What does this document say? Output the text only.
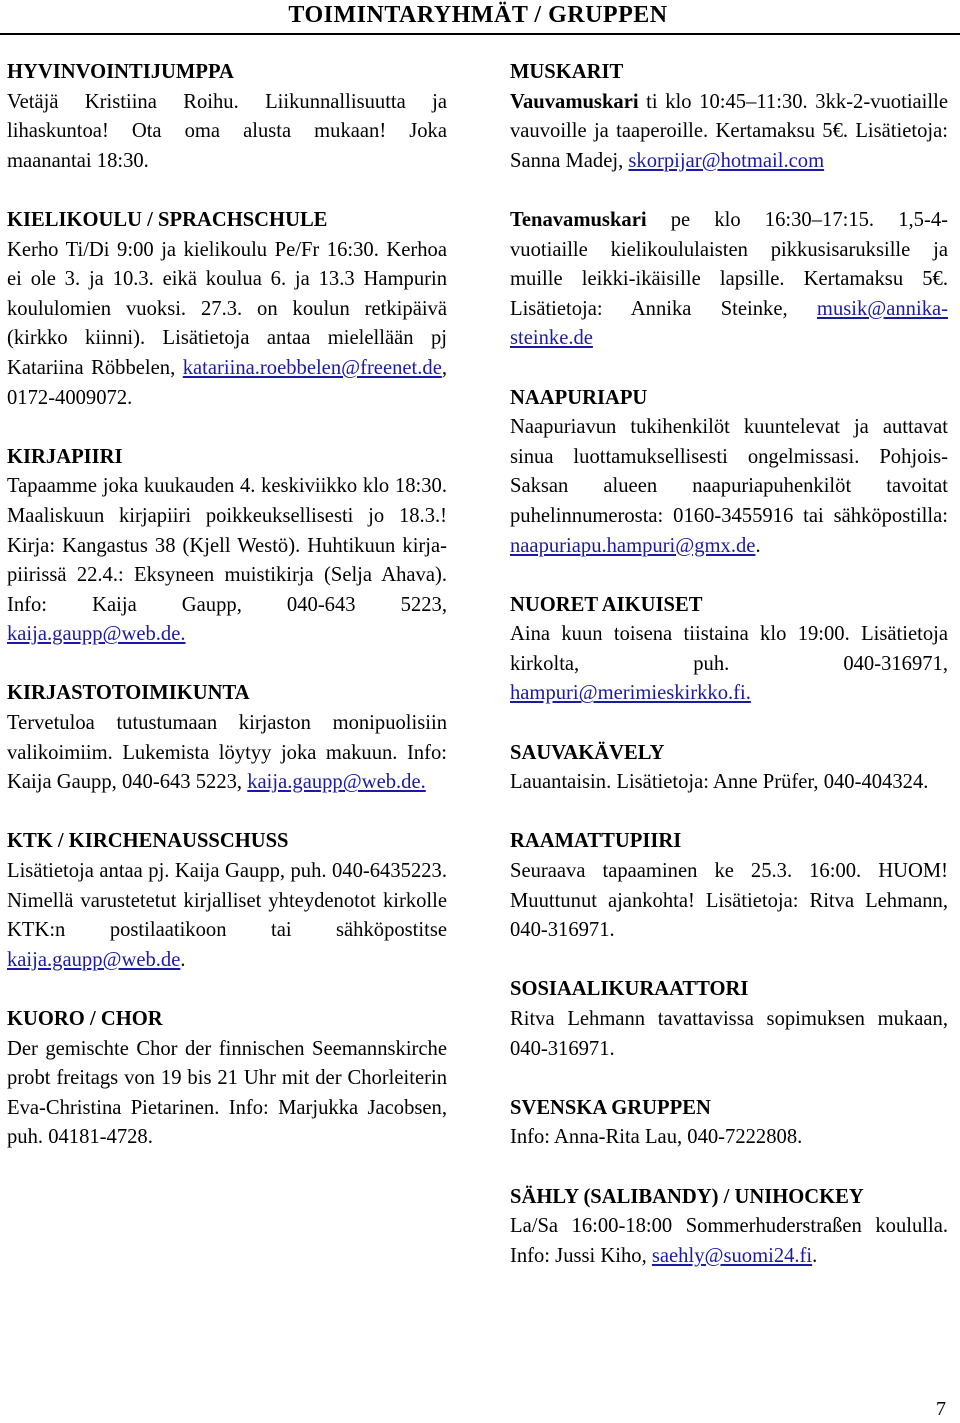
TOIMINTARYHMÄT / GRUPPEN
HYVINVOINTIJUMPPA
Vetäjä Kristiina Roihu. Liikunnallisuutta ja lihaskuntoa! Ota oma alusta mukaan! Joka maanantai 18:30.
KIELIKOULU / SPRACHSCHULE
Kerho Ti/Di 9:00 ja kielikoulu Pe/Fr 16:30. Kerhoa ei ole 3. ja 10.3. eikä koulua 6. ja 13.3 Hampurin koululomien vuoksi. 27.3. on koulun retkipäivä (kirkko kiinni). Lisätietoja antaa mielellään pj Katariina Röbbelen, katariina.roebbelen@freenet.de, 0172-4009072.
KIRJAPIIRI
Tapaamme joka kuukauden 4. keskiviikko klo 18:30. Maaliskuun kirjapiiri poikkeuksellisesti jo 18.3.! Kirja: Kangastus 38 (Kjell Westö). Huhtikuun kirjapiirissä 22.4.: Eksyneen muistikirja (Selja Ahava). Info: Kaija Gaupp, 040-643 5223, kaija.gaupp@web.de.
KIRJASTOTOIMIKUNTA
Tervetuloa tutustumaan kirjaston monipuolisiin valikoimiim. Lukemista löytyy joka makuun. Info: Kaija Gaupp, 040-643 5223, kaija.gaupp@web.de.
KTK / KIRCHENAUSSCHUSS
Lisätietoja antaa pj. Kaija Gaupp, puh. 040-6435223. Nimellä varustetetut kirjalliset yhteydenotot kirkolle KTK:n postilaatikoon tai sähköpostitse kaija.gaupp@web.de.
KUORO / CHOR
Der gemischte Chor der finnischen Seemannskirche probt freitags von 19 bis 21 Uhr mit der Chorleiterin Eva-Christina Pietarinen. Info: Marjukka Jacobsen, puh. 04181-4728.
MUSKARIT
Vauvamuskari ti klo 10:45–11:30. 3kk-2-vuotiaille vauvoille ja taaperoille. Kertamaksu 5€. Lisätietoja: Sanna Madej, skorpijar@hotmail.com
Tenavamuskari pe klo 16:30–17:15. 1,5-4-vuotiaille kielikoululaisten pikkusisaruksille ja muille leikki-ikäisille lapsille. Kertamaksu 5€. Lisätietoja: Annika Steinke, musik@annika-steinke.de
NAAPURIAPU
Naapuriavun tukihenkilöt kuuntelevat ja auttavat sinua luottamuksellisesti ongelmissasi. Pohjois-Saksan alueen naapuriapuhenkilöt tavoitat puhelinnumerosta: 0160-3455916 tai sähköpostilla: naapuriapu.hampuri@gmx.de.
NUORET AIKUISET
Aina kuun toisena tiistaina klo 19:00. Lisätietoja kirkolta, puh. 040-316971, hampuri@merimieskirkko.fi.
SAUVAKÄVELY
Lauantaisin. Lisätietoja: Anne Prüfer, 040-404324.
RAAMATTUPIIRI
Seuraava tapaaminen ke 25.3. 16:00. HUOM! Muuttunut ajankohta! Lisätietoja: Ritva Lehmann, 040-316971.
SOSIAALIKURAATTORI
Ritva Lehmann tavattavissa sopimuksen mukaan, 040-316971.
SVENSKA GRUPPEN
Info: Anna-Rita Lau, 040-7222808.
SÄHLY (SALIBANDY) / UNIHOCKEY
La/Sa 16:00-18:00 Sommerhuderstraßen koululla. Info: Jussi Kiho, saehly@suomi24.fi.
7
